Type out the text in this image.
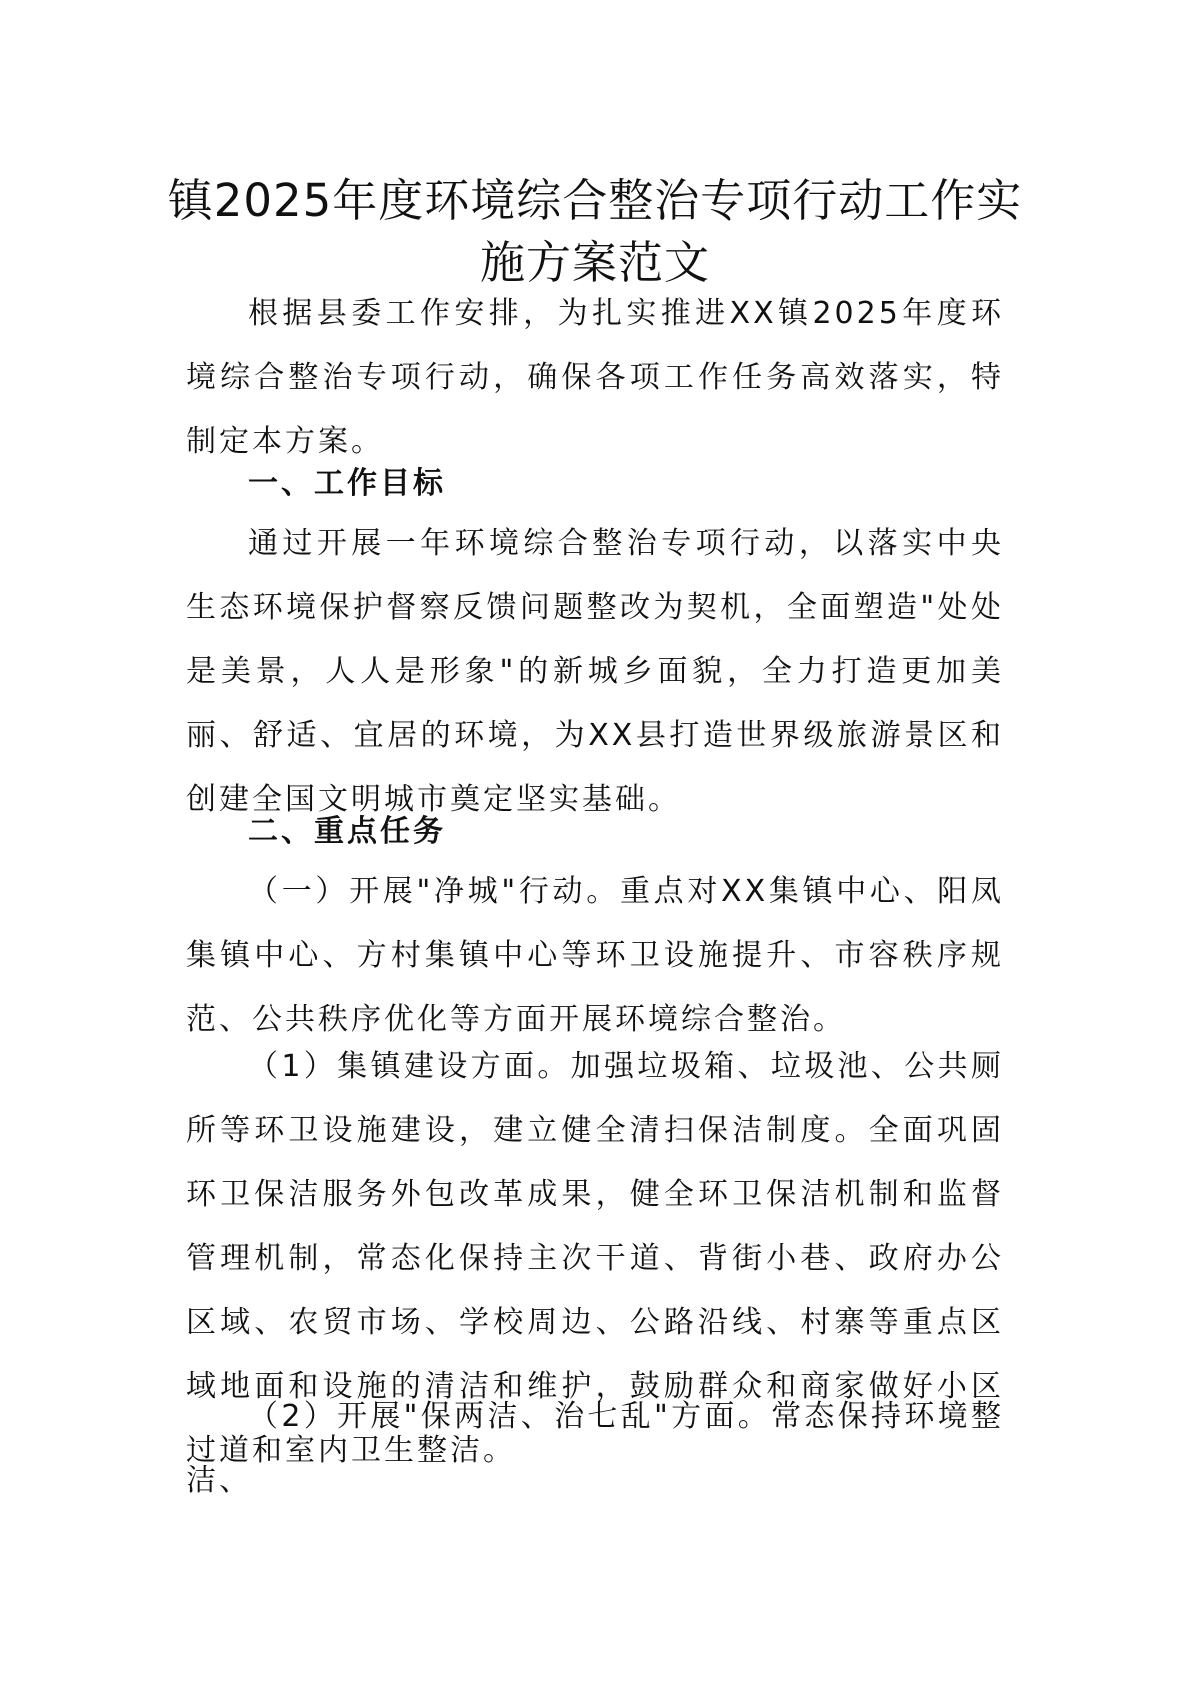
镇2025年度环境综合整治专项行动工作实施方案范文

根据县委工作安排，为扎实推进XX镇2025年度环境综合整治专项行动，确保各项工作任务高效落实，特制定本方案。

一、工作目标

通过开展一年环境综合整治专项行动，以落实中央生态环境保护督察反馈问题整改为契机，全面塑造"处处是美景，人人是形象"的新城乡面貌，全力打造更加美丽、舒适、宜居的环境，为XX县打造世界级旅游景区和创建全国文明城市奠定坚实基础。

二、重点任务

（一）开展"净城"行动。重点对XX集镇中心、阳凤集镇中心、方村集镇中心等环卫设施提升、市容秩序规范、公共秩序优化等方面开展环境综合整治。

（1）集镇建设方面。加强垃圾箱、垃圾池、公共厕所等环卫设施建设，建立健全清扫保洁制度。全面巩固环卫保洁服务外包改革成果，健全环卫保洁机制和监督管理机制，常态化保持主次干道、背街小巷、政府办公区域、农贸市场、学校周边、公路沿线、村寨等重点区域地面和设施的清洁和维护，鼓励群众和商家做好小区过道和室内卫生整洁。

（2）开展"保两洁、治七乱"方面。常态保持环境整洁、
